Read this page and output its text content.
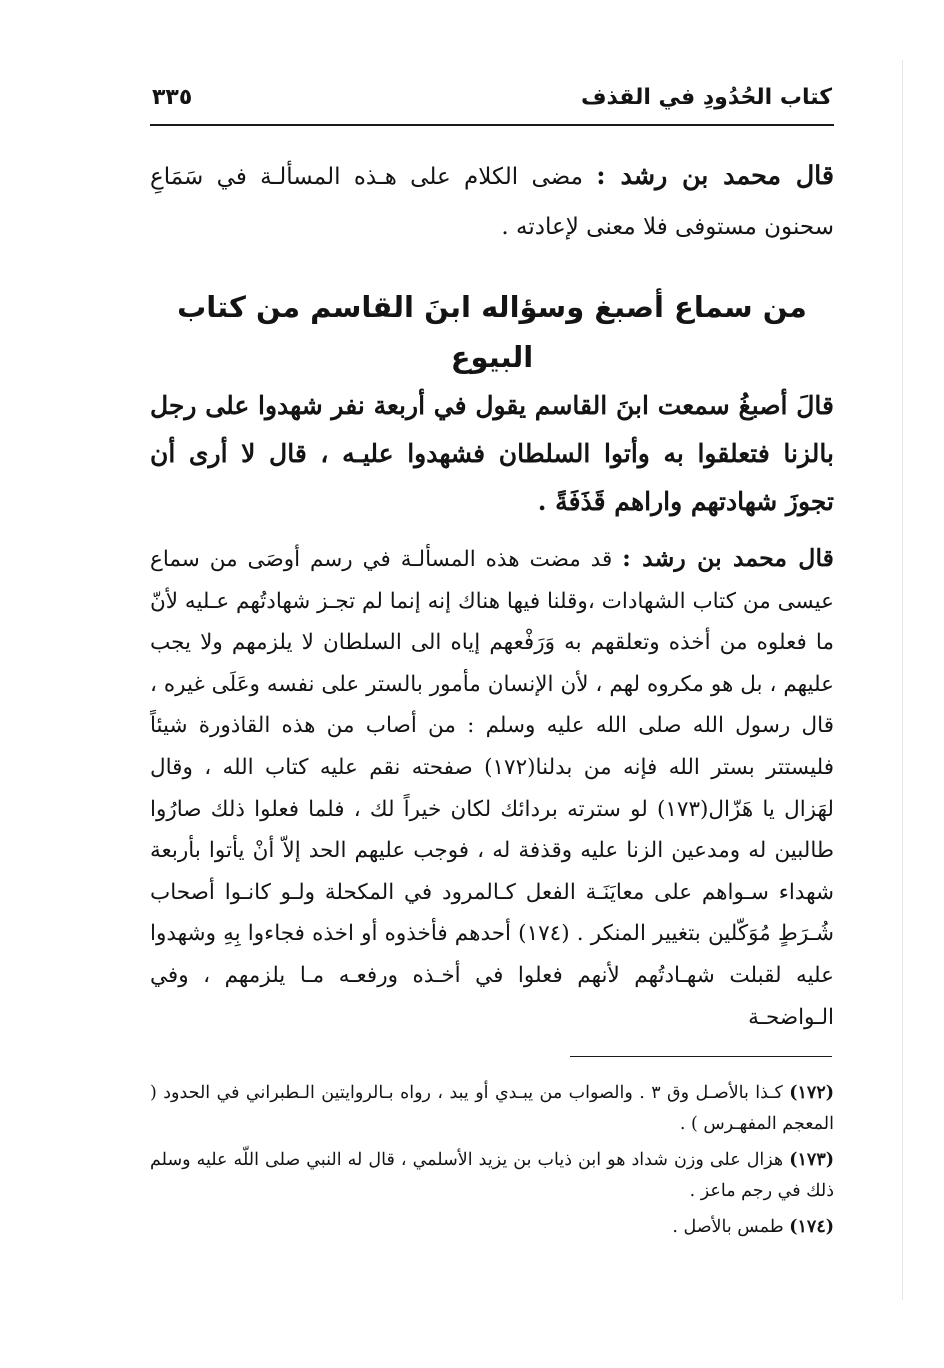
كتاب الحُدُودِ في القذف
٣٣٥

قال محمد بن رشد : مضى الكلام على هـذه المسألـة في سَمَاعِ سحنون مستوفى فلا معنى لإعادته .

من سماع أصبغ وسؤاله ابنَ القاسم من كتاب البيوع

قالَ أصبغُ سمعت ابنَ القاسم يقول في أربعة نفر شهدوا على رجل بالزنا فتعلقوا به وأتوا السلطان فشهدوا عليـه ، قال لا أرى أن تجوزَ شهادتهم واراهم قَذَفَةً .

قال محمد بن رشد : قد مضت هذه المسألـة في رسم أوصَى من سماع عيسى من كتاب الشهادات ،وقلنا فيها هناك إنه إنما لم تجـز شهادتُهم عـليه لأنّ ما فعلوه من أخذه وتعلقهم به وَرَفْعهم إياه الى السلطان لا يلزمهم ولا يجب عليهم ، بل هو مكروه لهم ، لأن الإنسان مأمور بالستر على نفسه وعَلَى غيره ، قال رسول الله صلى الله عليه وسلم : من أصاب من هذه القاذورة شيئاً فليستتر بستر الله فإنه من بدلنا(١٧٢) صفحته نقم عليه كتاب الله ، وقال لهَزال يا هَزّال(١٧٣) لو سترته بردائك لكان خيراً لك ، فلما فعلوا ذلك صارُوا طالبين له ومدعين الزنا عليه وقذفة له ، فوجب عليهم الحد إلاّ أنْ يأتوا بأربعة شهداء سـواهم على معايَنَـة الفعل كـالمرود في المكحلة ولـو كانـوا أصحاب شُـرَطٍ مُوَكّلين بتغيير المنكر . (١٧٤) أحدهم فأخذوه أو اخذه فجاءوا بِهِ وشهدوا عليه لقبلت شهـادتُهم لأنهم فعلوا في أخـذه ورفعـه مـا يلزمهم ، وفي الـواضحـة

(١٧٢) كـذا بالأصـل وق ٣ . والصواب من يبـدي أو يبد ، رواه بـالروايتين الـطبراني في الحدود ( المعجم المفهـرس ) .

(١٧٣) هزال على وزن شداد هو ابن ذياب بن يزيد الأسلمي ، قال له النبي صلى اللّه عليه وسلم ذلك في رجم ماعز .

(١٧٤) طمس بالأصل .
